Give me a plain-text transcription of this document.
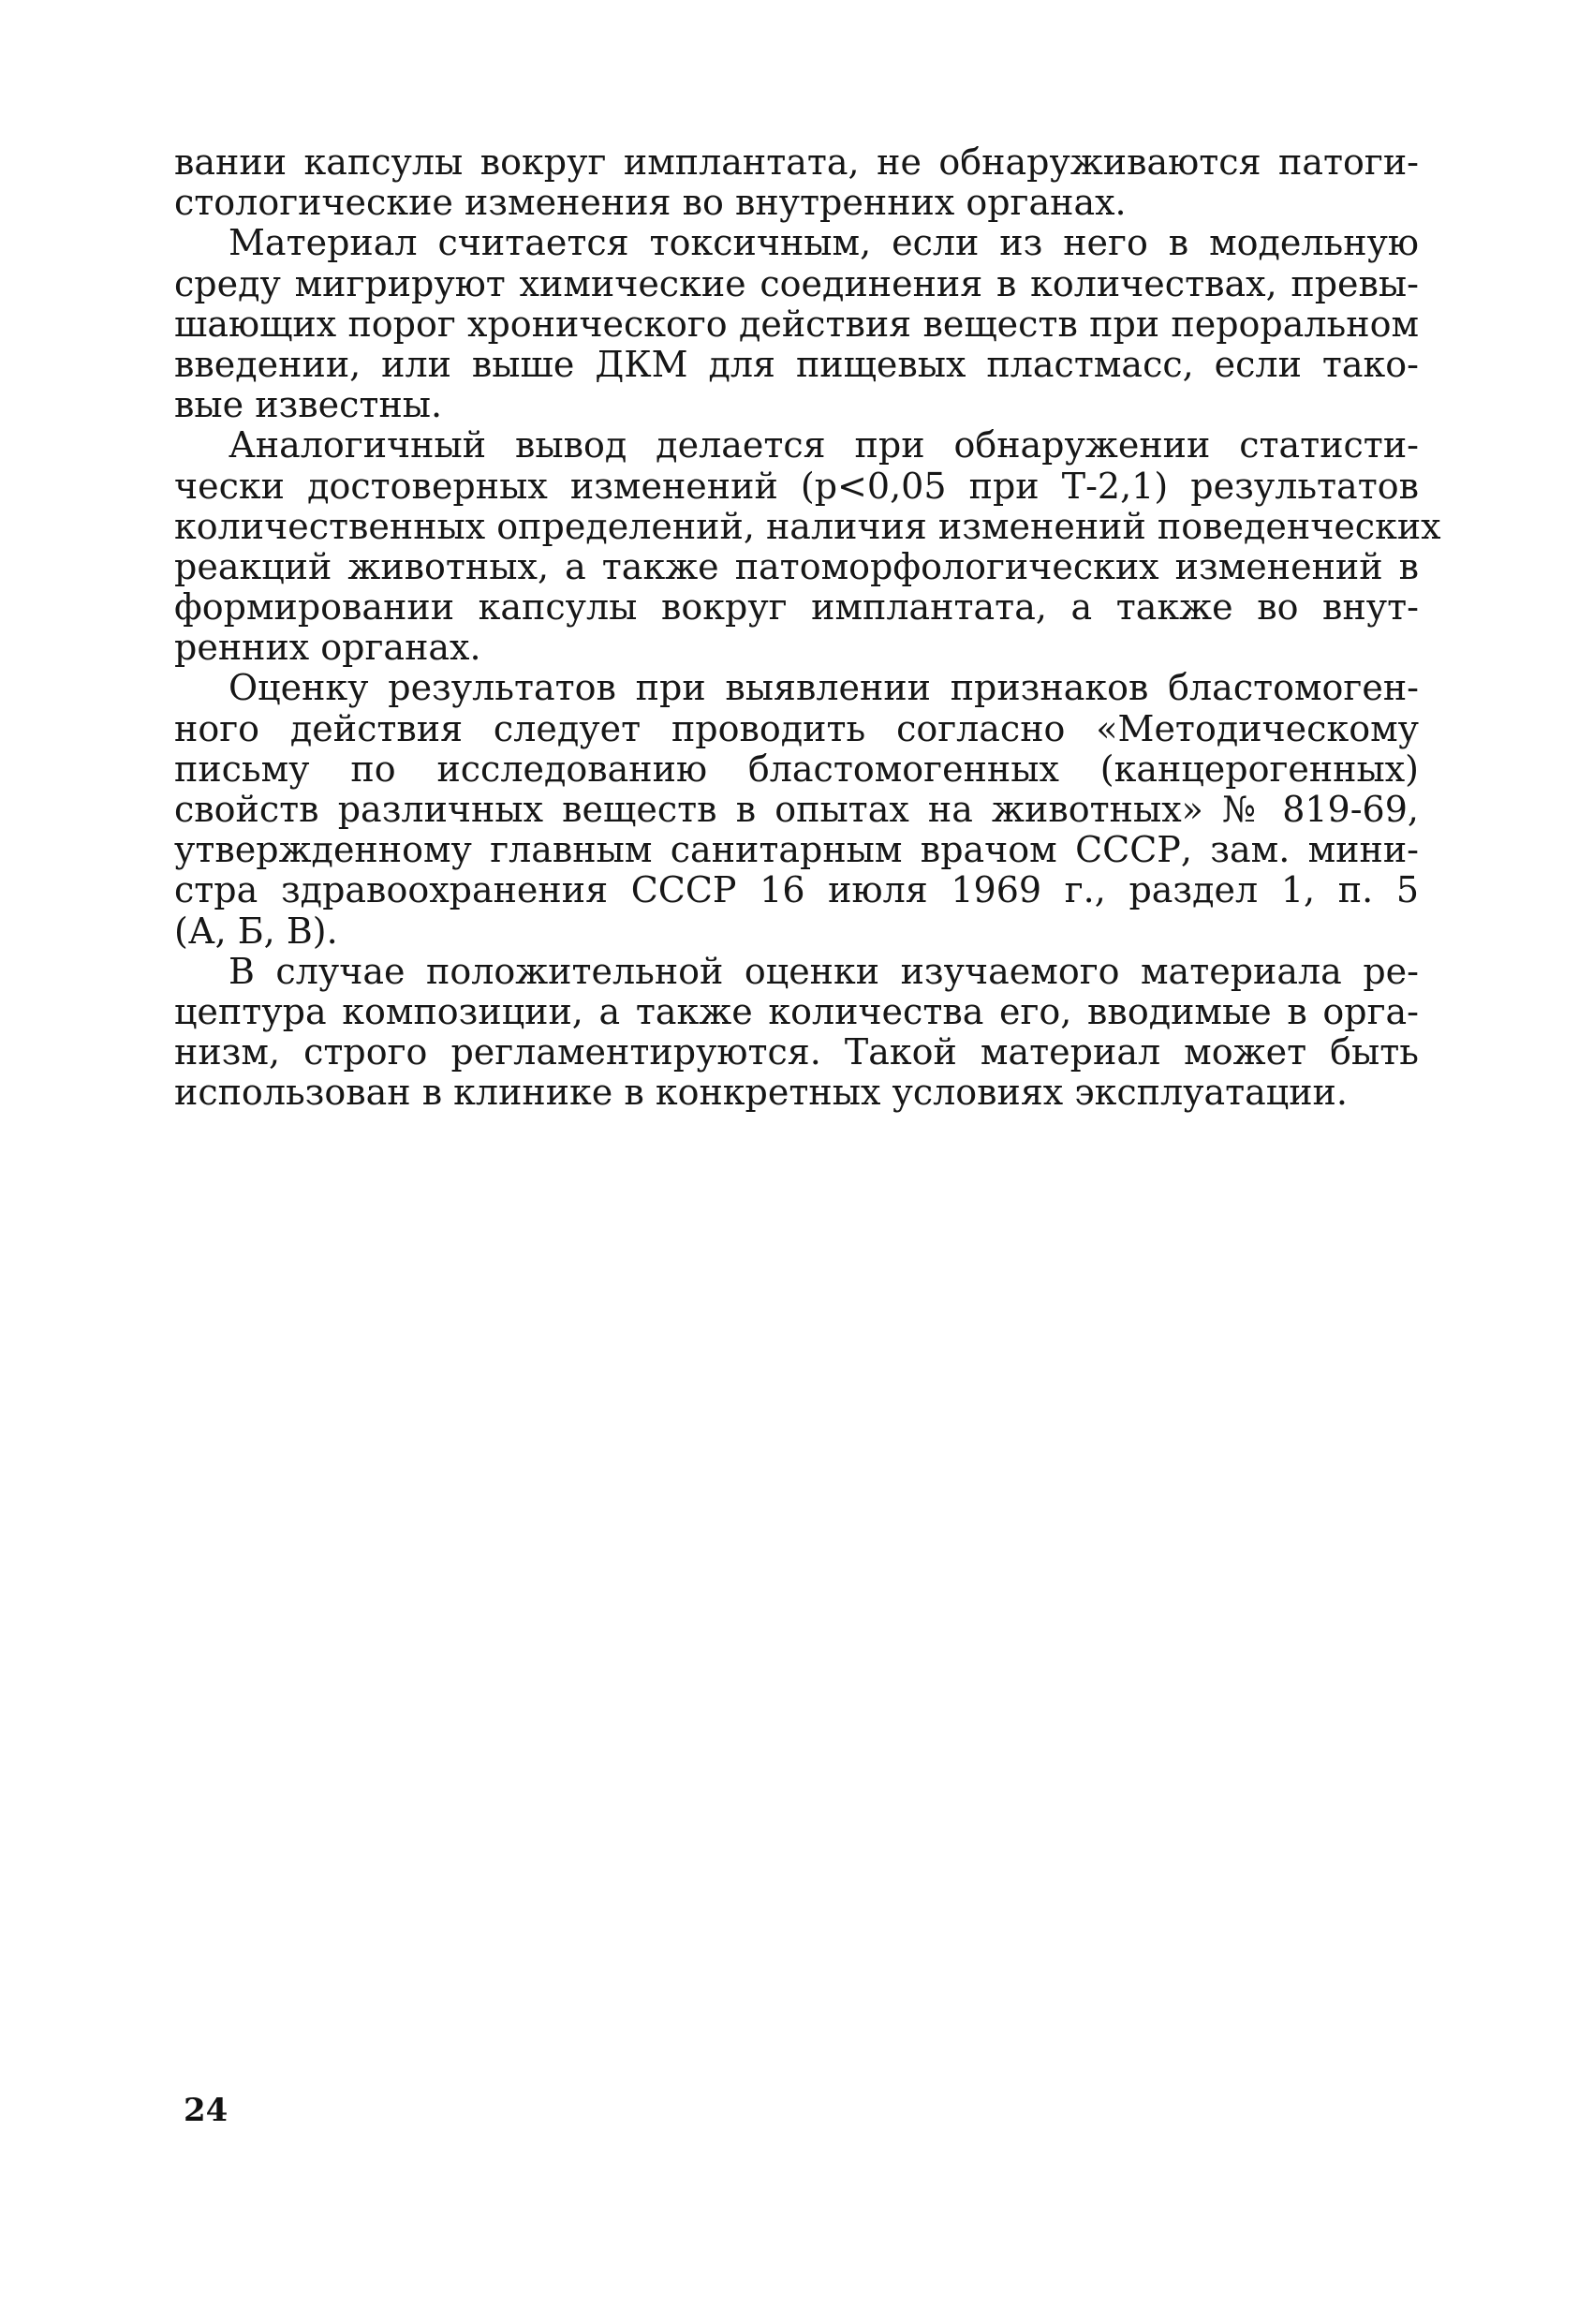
вании капсулы вокруг имплантата, не обнаруживаются патоги-
стологические изменения во внутренних органах.
Материал считается токсичным, если из него в модельную
среду мигрируют химические соединения в количествах, превы-
шающих порог хронического действия веществ при пероральном
введении, или выше ДКМ для пищевых пластмасс, если тако-
вые известны.
Аналогичный вывод делается при обнаружении статисти-
чески достоверных изменений (р<0,05 при Т-2,1) результатов
количественных определений, наличия изменений поведенческих
реакций животных, а также патоморфологических изменений в
формировании капсулы вокруг имплантата, а также во внут-
ренних органах.
Оценку результатов при выявлении признаков бластомоген-
ного действия следует проводить согласно «Методическому
письму по исследованию бластомогенных (канцерогенных)
свойств различных веществ в опытах на животных» № 819-69,
утвержденному главным санитарным врачом СССР, зам. мини-
стра здравоохранения СССР 16 июля 1969 г., раздел 1, п. 5
(А, Б, В).
В случае положительной оценки изучаемого материала ре-
цептура композиции, а также количества его, вводимые в орга-
низм, строго регламентируются. Такой материал может быть
использован в клинике в конкретных условиях эксплуатации.
24
